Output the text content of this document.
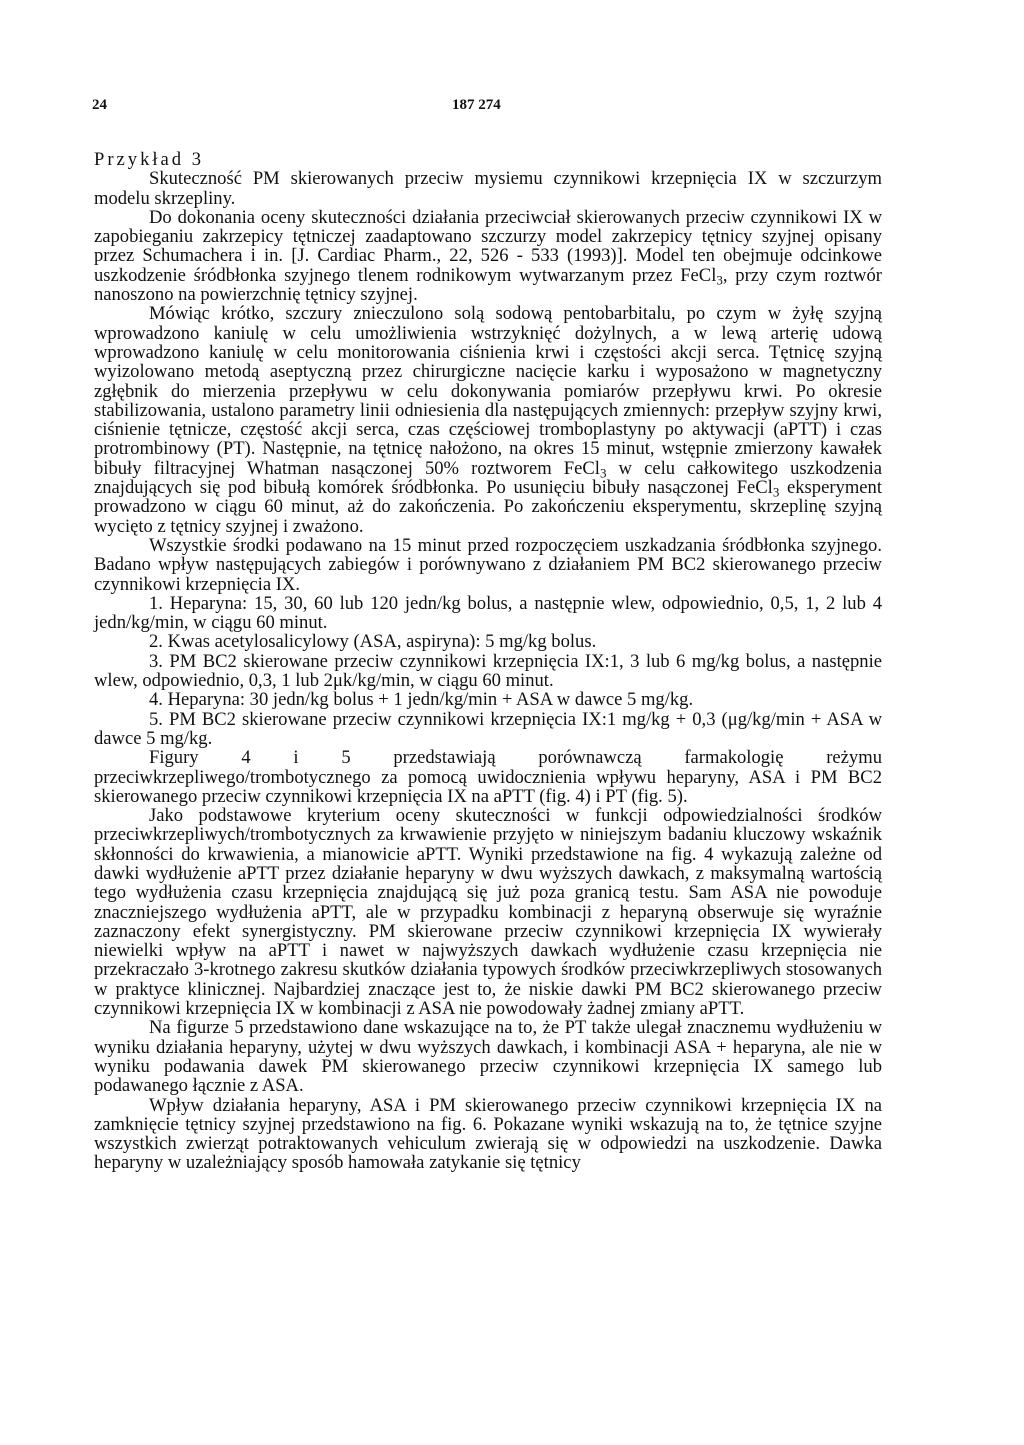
24	187 274

Przykład 3

Skuteczność PM skierowanych przeciw mysiemu czynnikowi krzepnięcia IX w szczurzym modelu skrzepliny.

Do dokonania oceny skuteczności działania przeciwciał skierowanych przeciw czynnikowi IX w zapobieganiu zakrzepicy tętniczej zaadaptowano szczurzy model zakrzepicy tętnicy szyjnej opisany przez Schumachera i in. [J. Cardiac Pharm., 22, 526 - 533 (1993)]. Model ten obejmuje odcinkowe uszkodzenie śródbłonka szyjnego tlenem rodnikowym wytwarzanym przez FeCl$_3$, przy czym roztwór nanoszono na powierzchnię tętnicy szyjnej.

Mówiąc krótko, szczury znieczulono solą sodową pentobarbitalu, po czym w żyłę szyjną wprowadzono kaniulę w celu umożliwienia wstrzyknięć dożylnych, a w lewą arterię udową wprowadzono kaniulę w celu monitorowania ciśnienia krwi i częstości akcji serca. Tętnicę szyjną wyizolowano metodą aseptyczną przez chirurgiczne nacięcie karku i wyposażono w magnetyczny zgłębnik do mierzenia przepływu w celu dokonywania pomiarów przepływu krwi. Po okresie stabilizowania, ustalono parametry linii odniesienia dla następujących zmiennych: przepływ szyjny krwi, ciśnienie tętnicze, częstość akcji serca, czas częściowej tromboplastyny po aktywacji (aPTT) i czas protrombinowy (PT). Następnie, na tętnicę nałożono, na okres 15 minut, wstępnie zmierzony kawałek bibuły filtracyjnej Whatman nasączonej 50% roztworem FeCl$_3$ w celu całkowitego uszkodzenia znajdujących się pod bibułą komórek śródbłonka. Po usunięciu bibuły nasączonej FeCl$_3$ eksperyment prowadzono w ciągu 60 minut, aż do zakończenia. Po zakończeniu eksperymentu, skrzeplinę szyjną wycięto z tętnicy szyjnej i zważono.

Wszystkie środki podawano na 15 minut przed rozpoczęciem uszkadzania śródbłonka szyjnego. Badano wpływ następujących zabiegów i porównywano z działaniem PM BC2 skierowanego przeciw czynnikowi krzepnięcia IX.

1. Heparyna: 15, 30, 60 lub 120 jedn/kg bolus, a następnie wlew, odpowiednio, 0,5, 1, 2 lub 4 jedn/kg/min, w ciągu 60 minut.

2. Kwas acetylosalicylowy (ASA, aspiryna): 5 mg/kg bolus.

3. PM BC2 skierowane przeciw czynnikowi krzepnięcia IX:1, 3 lub 6 mg/kg bolus, a następnie wlew, odpowiednio, 0,3, 1 lub 2μk/kg/min, w ciągu 60 minut.

4. Heparyna: 30 jedn/kg bolus + 1 jedn/kg/min + ASA w dawce 5 mg/kg.

5. PM BC2 skierowane przeciw czynnikowi krzepnięcia IX:1 mg/kg + 0,3 (μg/kg/min + ASA w dawce 5 mg/kg.

Figury 4 i 5 przedstawiają porównawczą farmakologię reżymu przeciwkrzepliwego/trombotycznego za pomocą uwidocznienia wpływu heparyny, ASA i PM BC2 skierowanego przeciw czynnikowi krzepnięcia IX na aPTT (fig. 4) i PT (fig. 5).

Jako podstawowe kryterium oceny skuteczności w funkcji odpowiedzialności środków przeciwkrzepliwych/trombotycznych za krwawienie przyjęto w niniejszym badaniu kluczowy wskaźnik skłonności do krwawienia, a mianowicie aPTT. Wyniki przedstawione na fig. 4 wykazują zależne od dawki wydłużenie aPTT przez działanie heparyny w dwu wyższych dawkach, z maksymalną wartością tego wydłużenia czasu krzepnięcia znajdującą się już poza granicą testu. Sam ASA nie powoduje znaczniejszego wydłużenia aPTT, ale w przypadku kombinacji z heparyną obserwuje się wyraźnie zaznaczony efekt synergistyczny. PM skierowane przeciw czynnikowi krzepnięcia IX wywierały niewielki wpływ na aPTT i nawet w najwyższych dawkach wydłużenie czasu krzepnięcia nie przekraczało 3-krotnego zakresu skutków działania typowych środków przeciwkrzepliwych stosowanych w praktyce klinicznej. Najbardziej znaczące jest to, że niskie dawki PM BC2 skierowanego przeciw czynnikowi krzepnięcia IX w kombinacji z ASA nie powodowały żadnej zmiany aPTT.

Na figurze 5 przedstawiono dane wskazujące na to, że PT także ulegał znacznemu wydłużeniu w wyniku działania heparyny, użytej w dwu wyższych dawkach, i kombinacji ASA + heparyna, ale nie w wyniku podawania dawek PM skierowanego przeciw czynnikowi krzepnięcia IX samego lub podawanego łącznie z ASA.

Wpływ działania heparyny, ASA i PM skierowanego przeciw czynnikowi krzepnięcia IX na zamknięcie tętnicy szyjnej przedstawiono na fig. 6. Pokazane wyniki wskazują na to, że tętnice szyjne wszystkich zwierząt potraktowanych vehiculum zwierają się w odpowiedzi na uszkodzenie. Dawka heparyny w uzależniający sposób hamowała zatykanie się tętnicy
